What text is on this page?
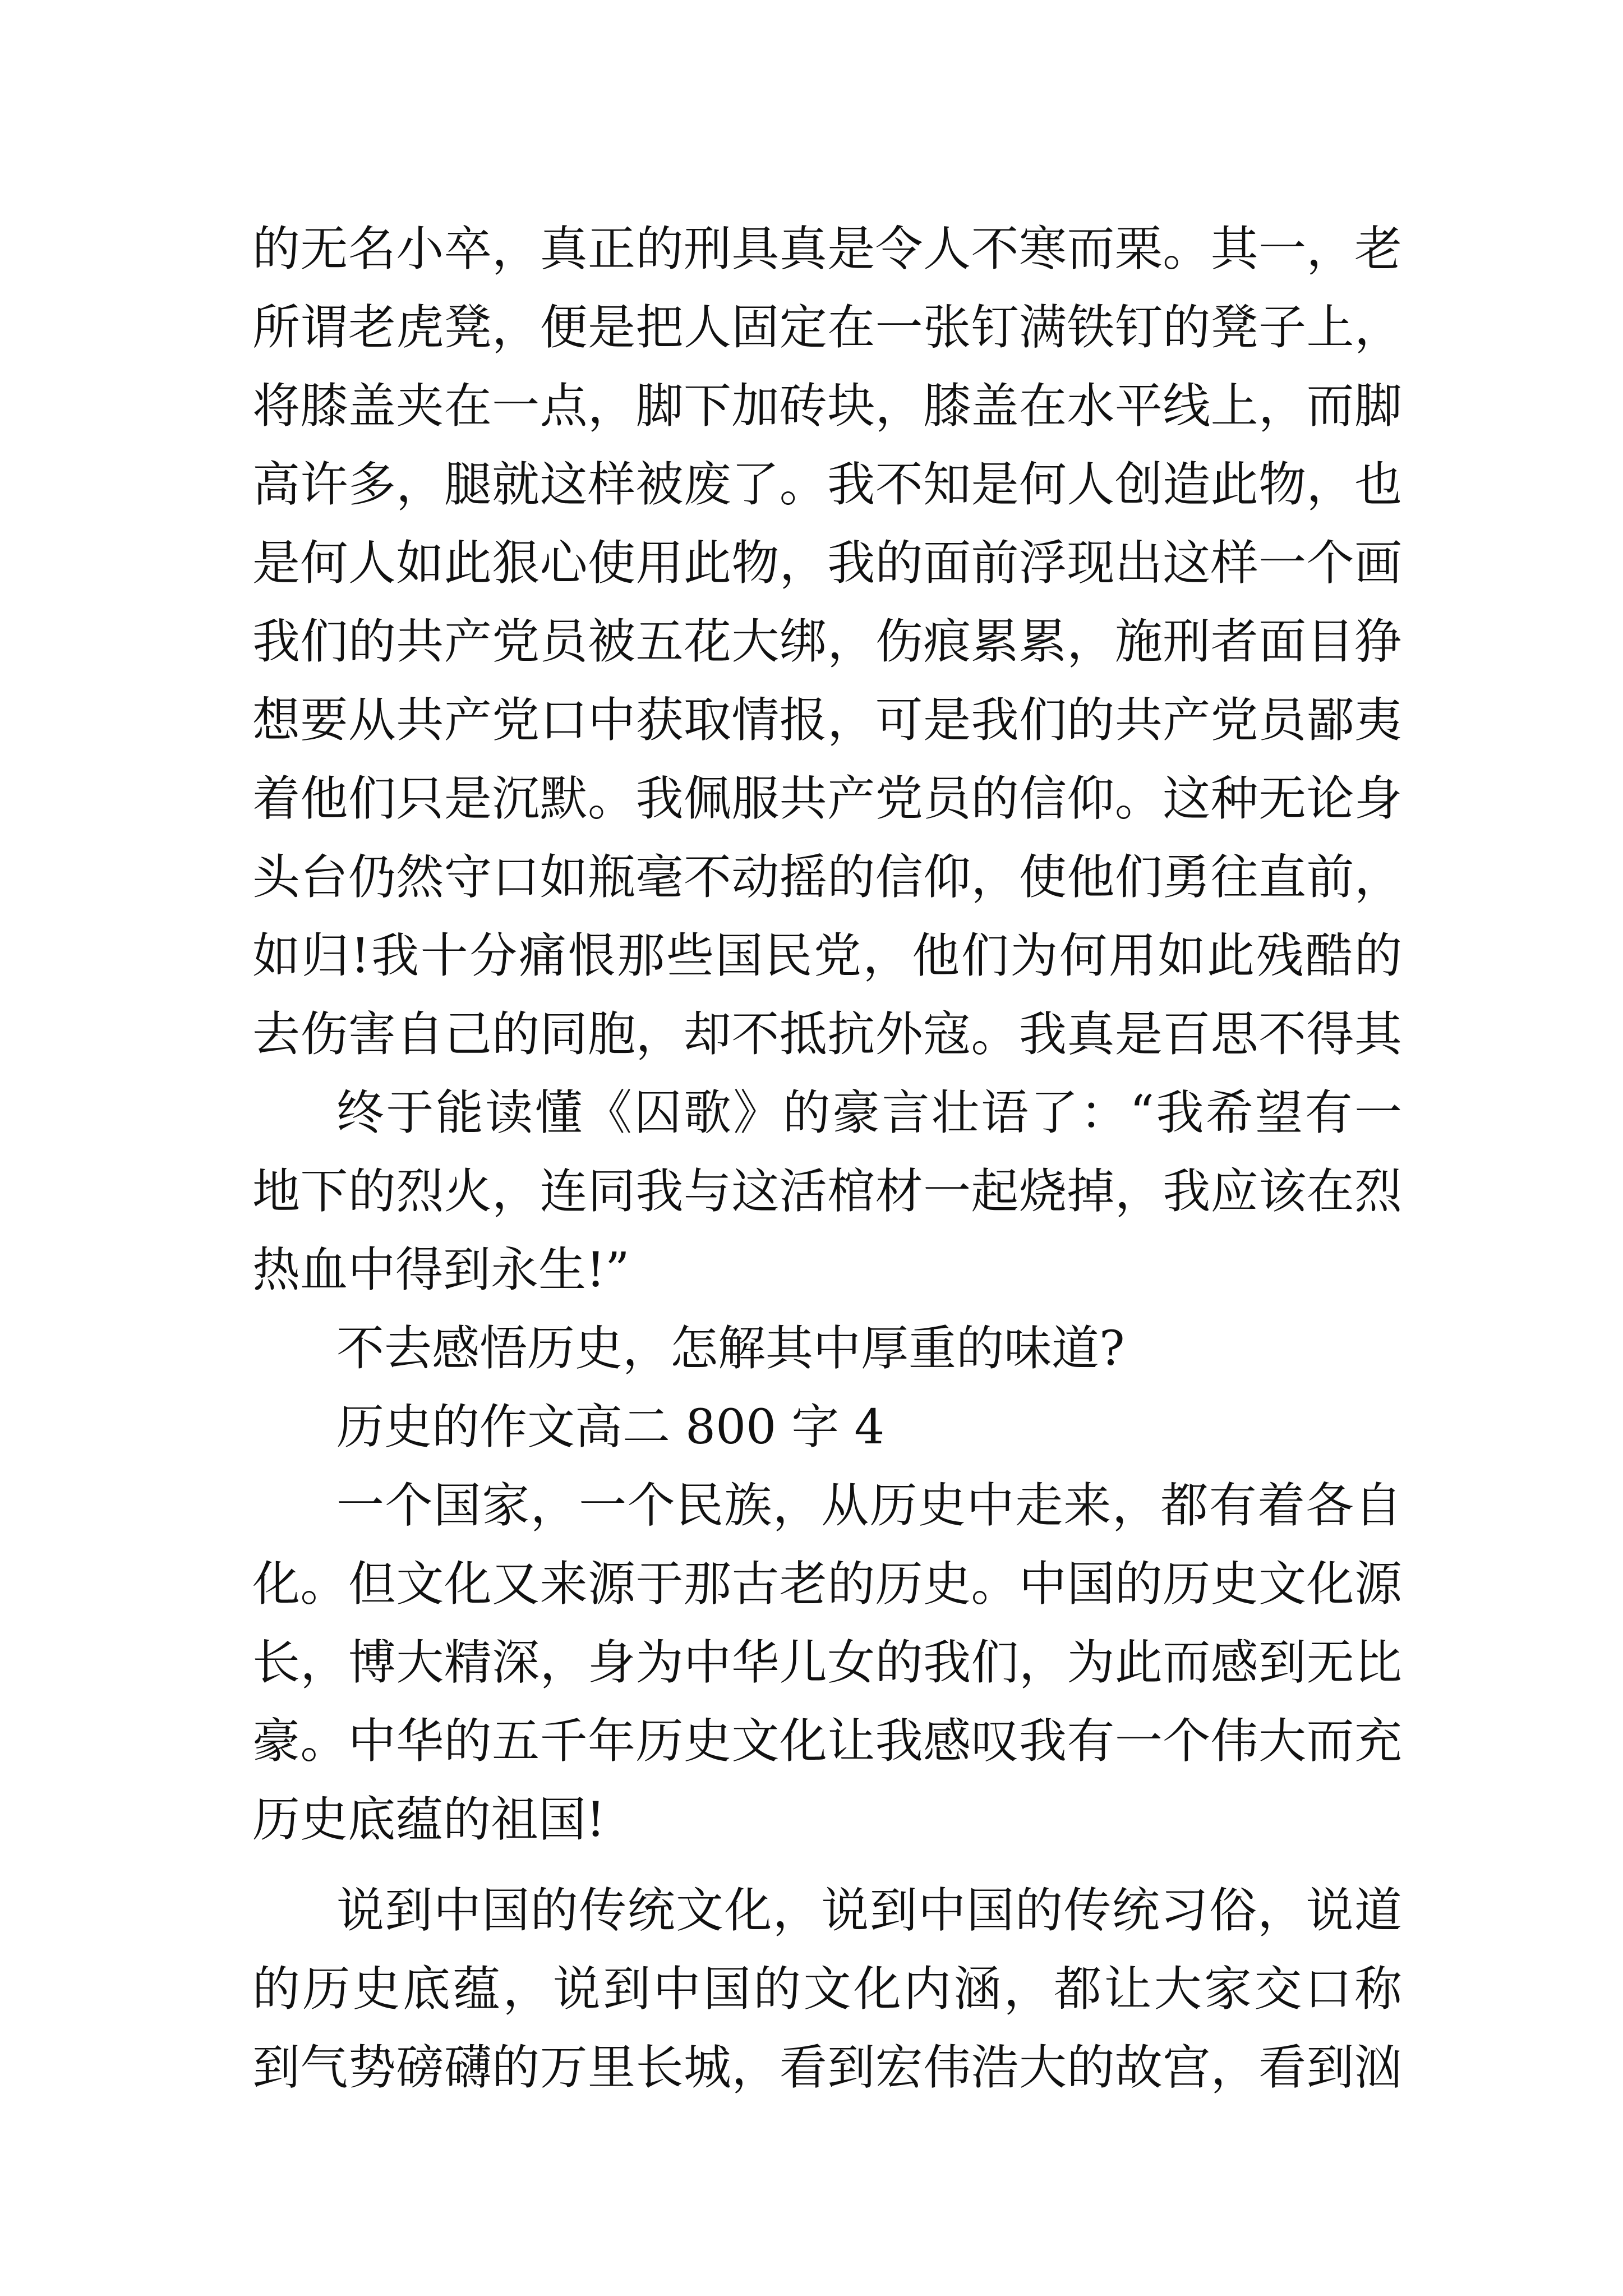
的无名小卒，真正的刑具真是令人不寒而栗。其一，老
所谓老虎凳，便是把人固定在一张钉满铁钉的凳子上，
将膝盖夹在一点，脚下加砖块，膝盖在水平线上，而脚
高许多，腿就这样被废了。我不知是何人创造此物，也
是何人如此狠心使用此物，我的面前浮现出这样一个画
我们的共产党员被五花大绑，伤痕累累，施刑者面目狰
想要从共产党口中获取情报，可是我们的共产党员鄙夷
着他们只是沉默。我佩服共产党员的信仰。这种无论身
头台仍然守口如瓶毫不动摇的信仰，使他们勇往直前，
如归!我十分痛恨那些国民党，他们为何用如此残酷的
去伤害自己的同胞，却不抵抗外寇。我真是百思不得其
终于能读懂《囚歌》的豪言壮语了：“我希望有一
地下的烈火，连同我与这活棺材一起烧掉，我应该在烈
热血中得到永生!”
不去感悟历史，怎解其中厚重的味道?
历史的作文高二 800 字 4
一个国家，一个民族，从历史中走来，都有着各自
化。但文化又来源于那古老的历史。中国的历史文化源
长，博大精深，身为中华儿女的我们，为此而感到无比
豪。中华的五千年历史文化让我感叹我有一个伟大而充
历史底蕴的祖国!
说到中国的传统文化，说到中国的传统习俗，说道
的历史底蕴，说到中国的文化内涵，都让大家交口称
到气势磅礴的万里长城，看到宏伟浩大的故宫，看到汹
